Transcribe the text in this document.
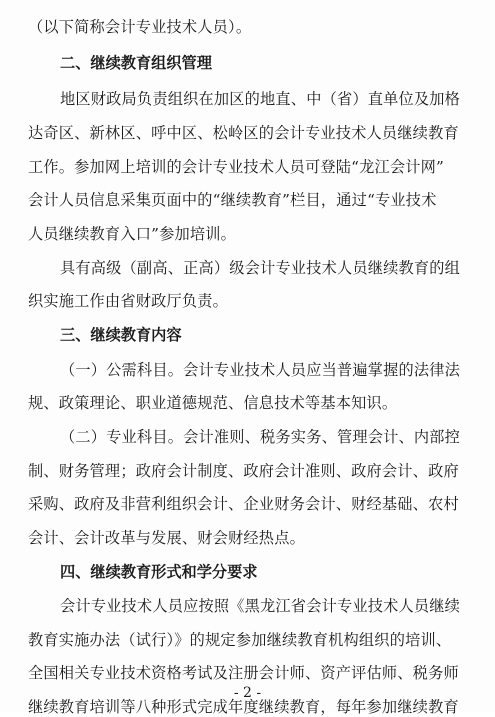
（以下简称会计专业技术人员）。
二、继续教育组织管理
地区财政局负责组织在加区的地直、中（省）直单位及加格
达奇区、新林区、呼中区、松岭区的会计专业技术人员继续教育
工作。参加网上培训的会计专业技术人员可登陆“龙江会计网”
会计人员信息采集页面中的“继续教育”栏目，通过“专业技术
人员继续教育入口”参加培训。
具有高级（副高、正高）级会计专业技术人员继续教育的组
织实施工作由省财政厅负责。
三、继续教育内容
（一）公需科目。会计专业技术人员应当普遍掌握的法律法
规、政策理论、职业道德规范、信息技术等基本知识。
（二）专业科目。会计准则、税务实务、管理会计、内部控
制、财务管理；政府会计制度、政府会计准则、政府会计、政府
采购、政府及非营利组织会计、企业财务会计、财经基础、农村
会计、会计改革与发展、财会财经热点。
四、继续教育形式和学分要求
会计专业技术人员应按照《黑龙江省会计专业技术人员继续
教育实施办法（试行）》的规定参加继续教育机构组织的培训、
全国相关专业技术资格考试及注册会计师、资产评估师、税务师
继续教育培训等八种形式完成年度继续教育，每年参加继续教育
- 2 -
